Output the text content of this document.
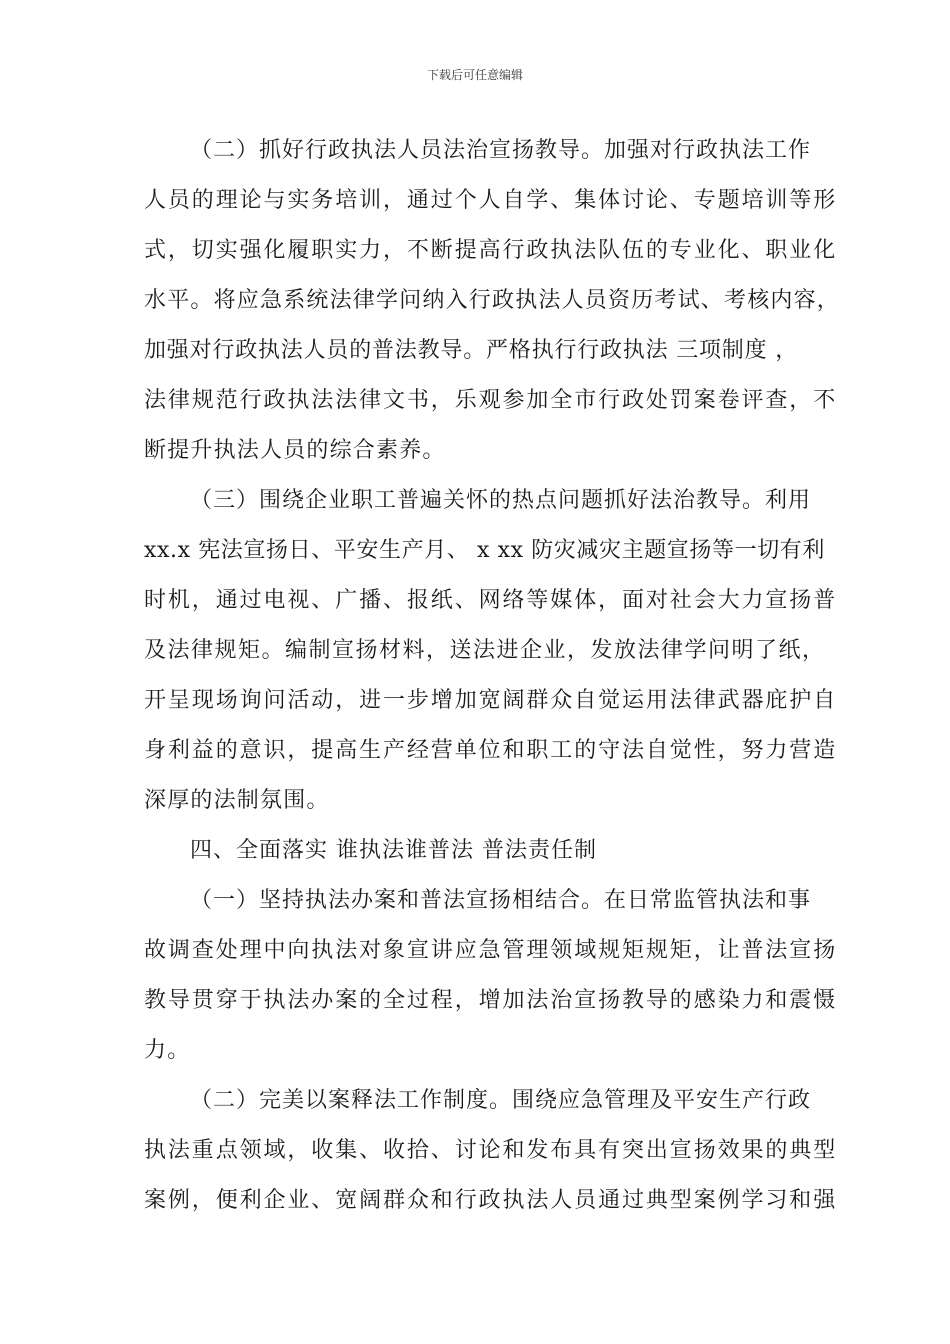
下载后可任意编辑
（二）抓好行政执法人员法治宣扬教导。加强对行政执法工作
人员的理论与实务培训，通过个人自学、集体讨论、专题培训等形
式，切实强化履职实力，不断提高行政执法队伍的专业化、职业化
水平。将应急系统法律学问纳入行政执法人员资历考试、考核内容，
加强对行政执法人员的普法教导。严格执行行政执法 三项制度 ，
法律规范行政执法法律文书，乐观参加全市行政处罚案卷评查，不
断提升执法人员的综合素养。
（三）围绕企业职工普遍关怀的热点问题抓好法治教导。利用
xx.x 宪法宣扬日、平安生产月、 x xx 防灾减灾主题宣扬等一切有利
时机，通过电视、广播、报纸、网络等媒体，面对社会大力宣扬普
及法律规矩。编制宣扬材料，送法进企业，发放法律学问明了纸，
开呈现场询问活动，进一步增加宽阔群众自觉运用法律武器庇护自
身利益的意识，提高生产经营单位和职工的守法自觉性，努力营造
深厚的法制氛围。
四、全面落实 谁执法谁普法 普法责任制
（一）坚持执法办案和普法宣扬相结合。在日常监管执法和事
故调查处理中向执法对象宣讲应急管理领域规矩规矩，让普法宣扬
教导贯穿于执法办案的全过程，增加法治宣扬教导的感染力和震慑
力。
（二）完美以案释法工作制度。围绕应急管理及平安生产行政
执法重点领域，收集、收拾、讨论和发布具有突出宣扬效果的典型
案例，便利企业、宽阔群众和行政执法人员通过典型案例学习和强
